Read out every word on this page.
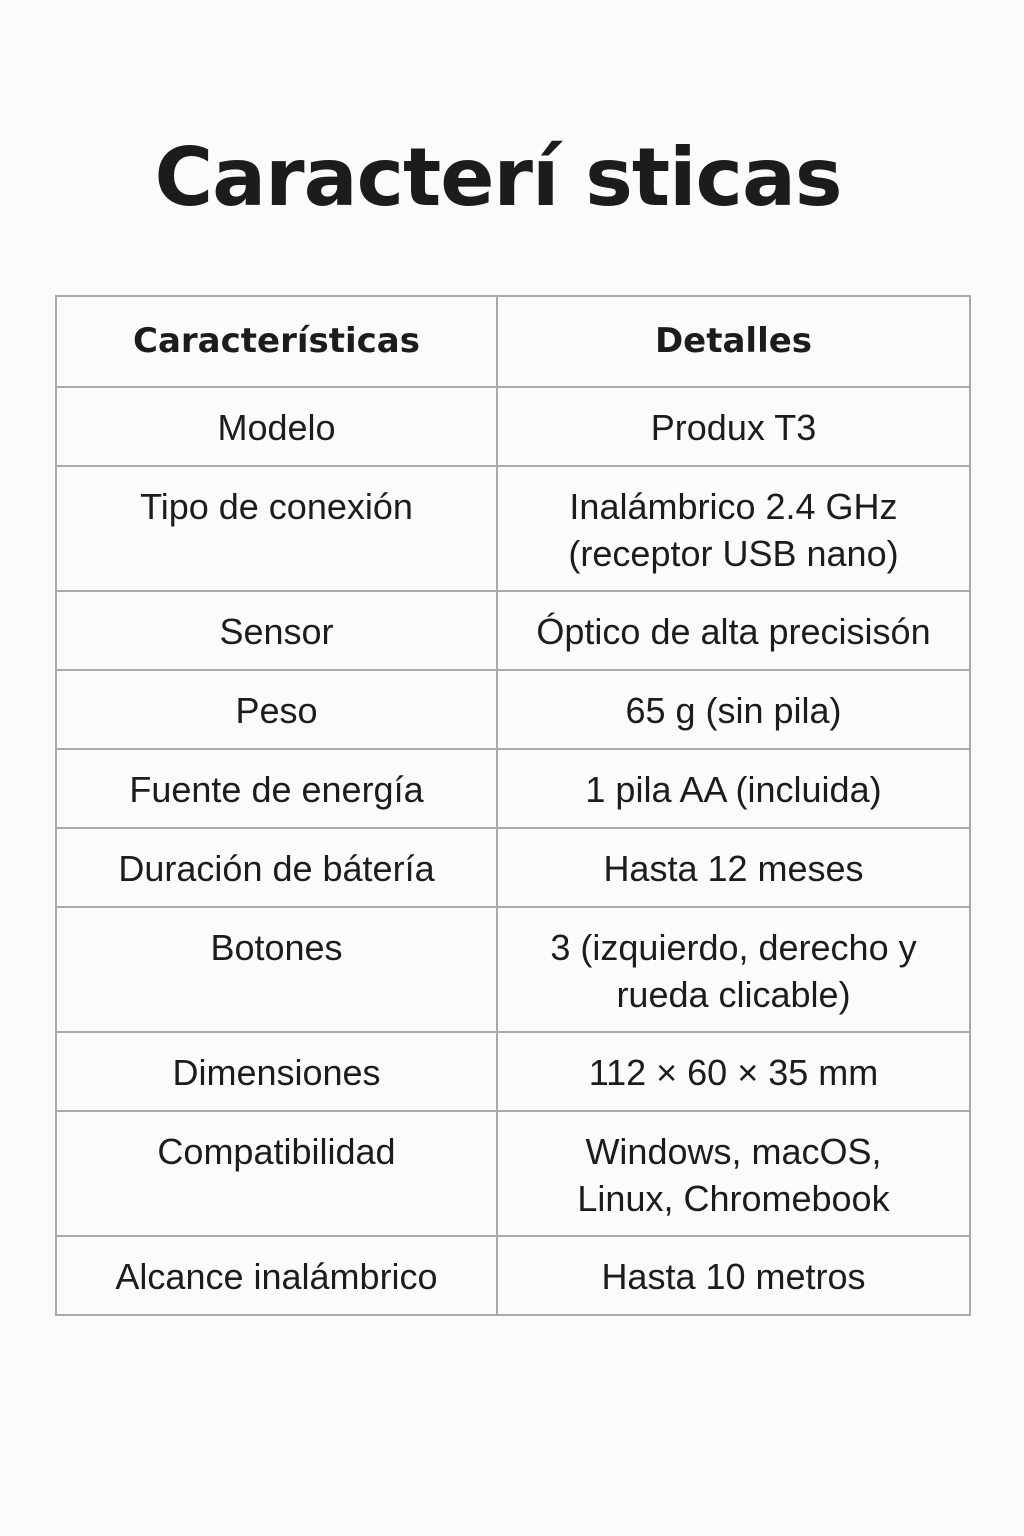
Caracterí sticas
Características	Detalles

Modelo	Produx T3

Tipo de conexión	Inalámbrico 2.4 GHz
(receptor USB nano)

Sensor	Óptico de alta precisisón

Peso	65 g (sin pila)

Fuente de energía	1 pila AA (incluida)

Duración de bátería	Hasta 12 meses

Botones	3 (izquierdo, derecho y
rueda clicable)

Dimensiones	112 × 60 × 35 mm

Compatibilidad	Windows, macOS,
Linux, Chromebook

Alcance inalámbrico	Hasta 10 metros
